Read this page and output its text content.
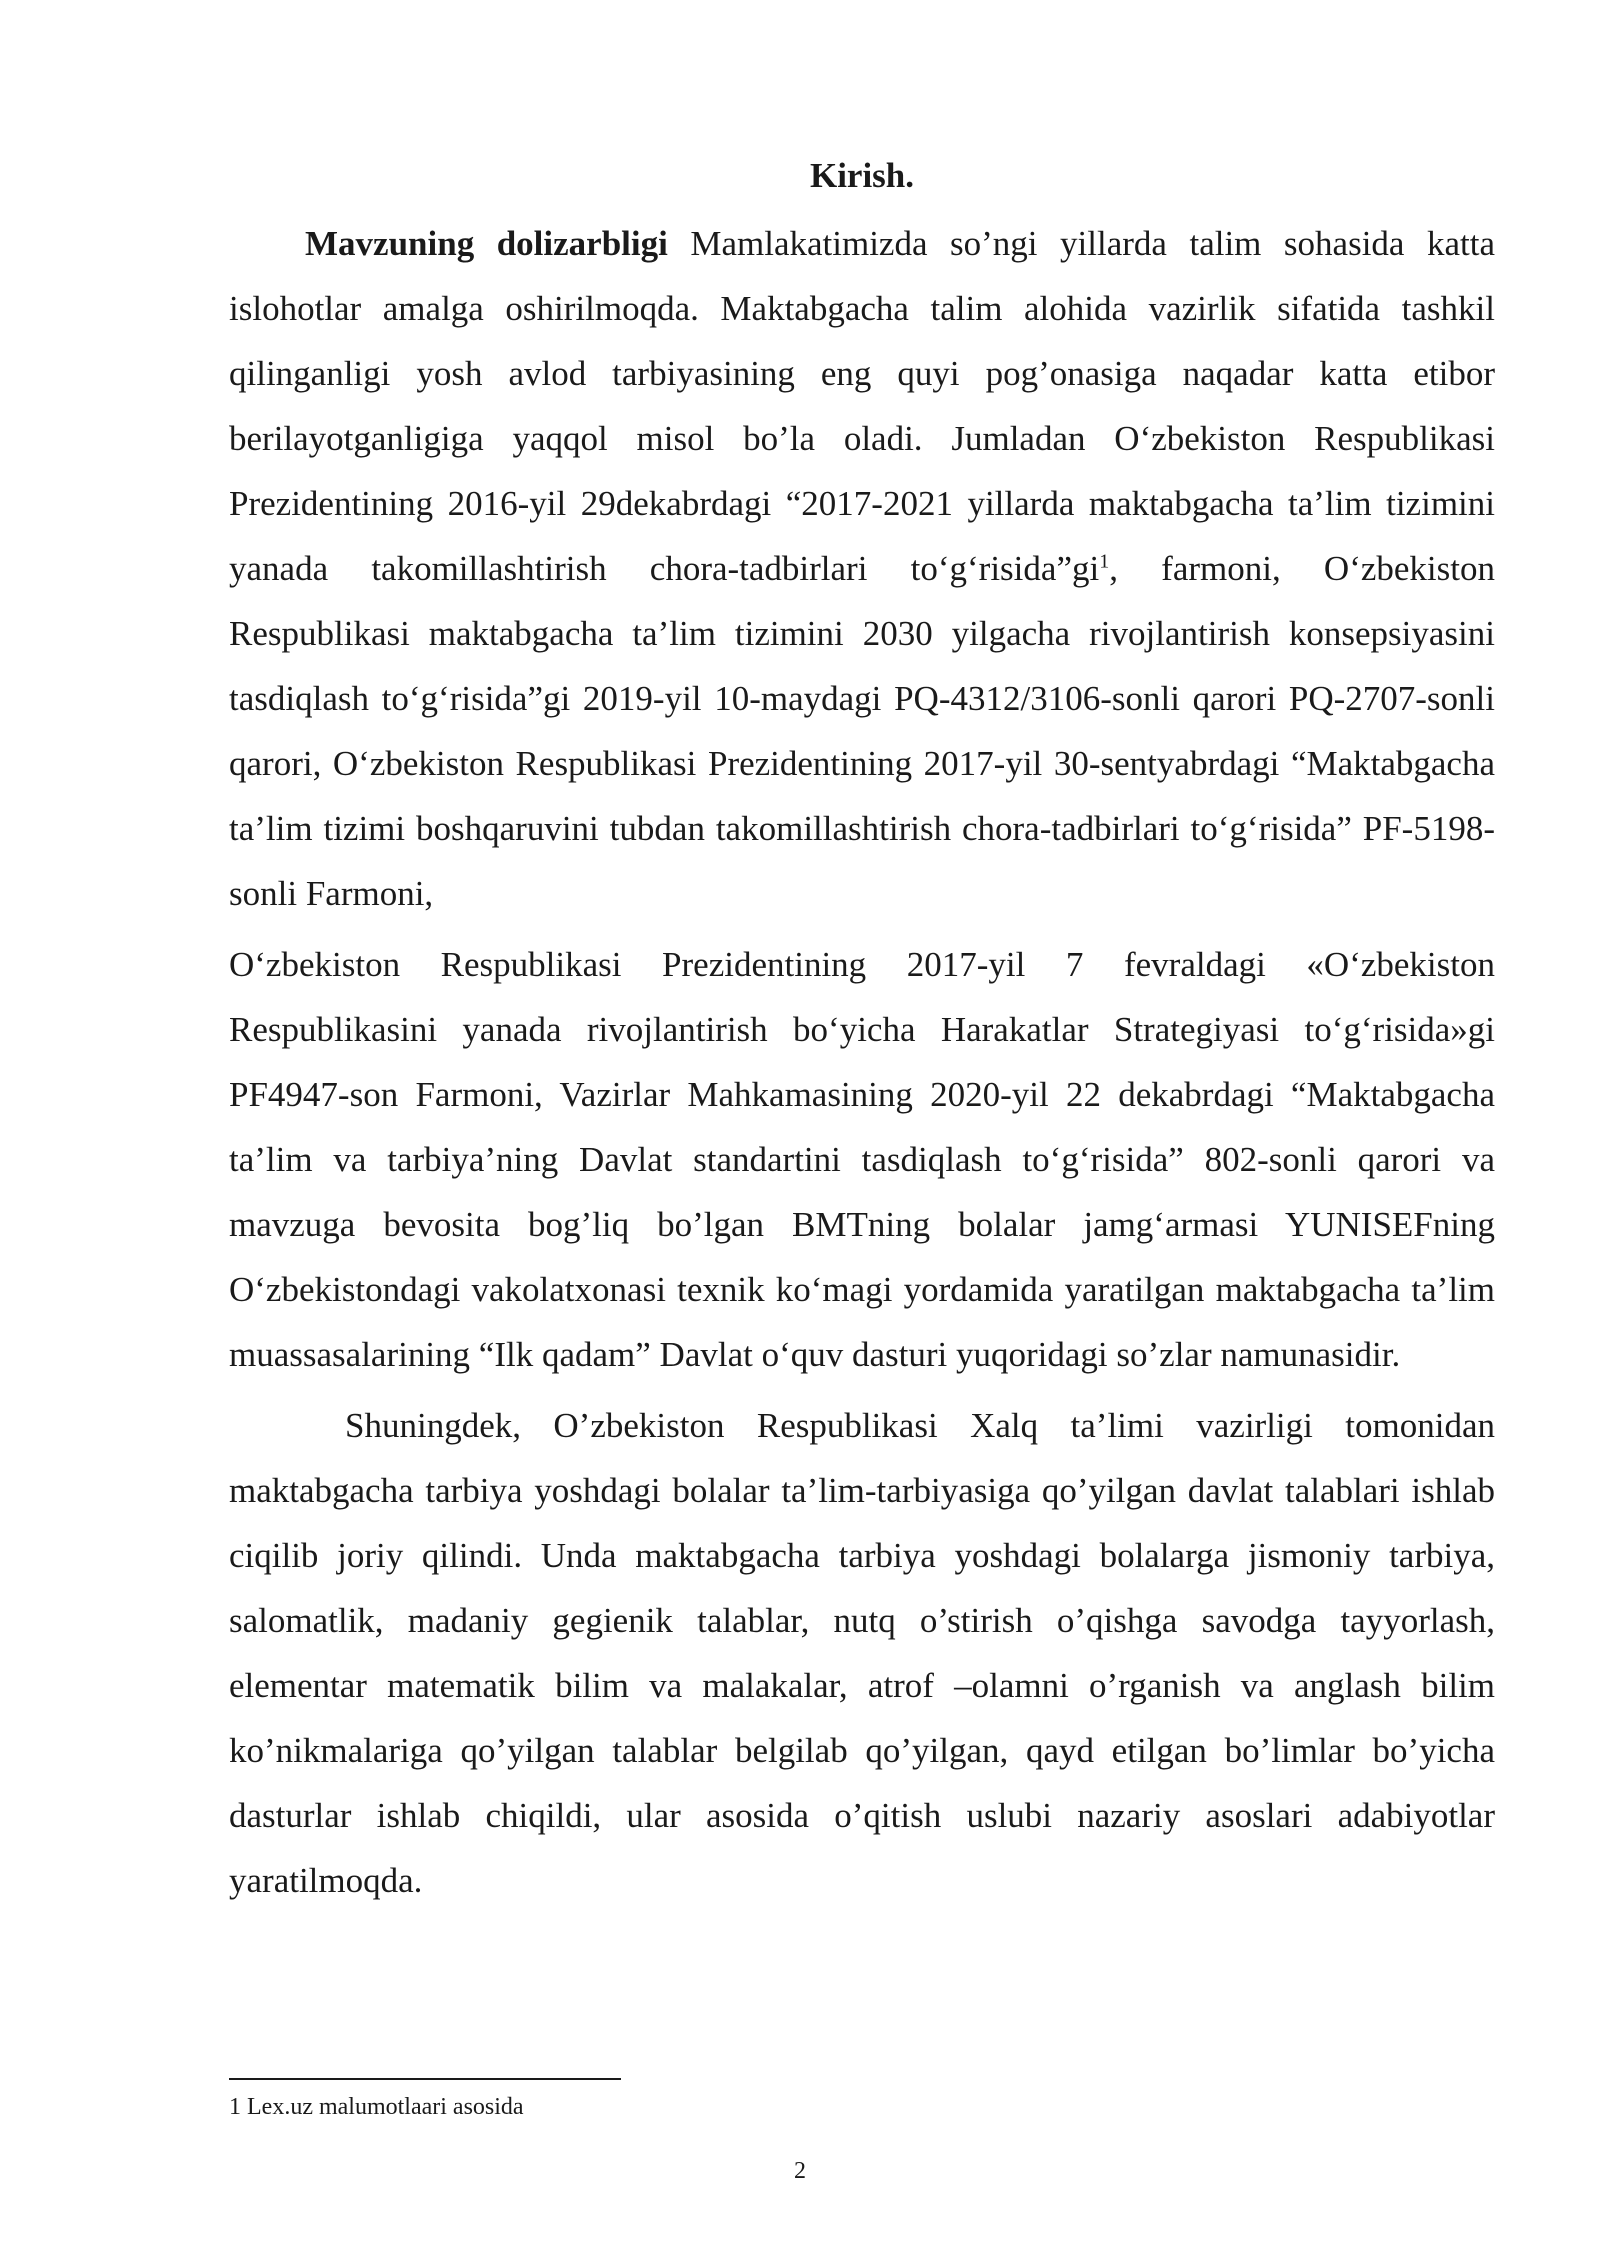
Kirish.

Mavzuning dolizarbligi Mamlakatimizda so’ngi yillarda talim sohasida katta islohotlar amalga oshirilmoqda. Maktabgacha talim alohida vazirlik sifatida tashkil qilinganligi yosh avlod tarbiyasining eng quyi pog’onasiga naqadar katta etibor berilayotganligiga yaqqol misol bo’la oladi. Jumladan O‘zbekiston Respublikasi Prezidentining 2016-yil 29dekabrdagi “2017-2021 yillarda maktabgacha ta’lim tizimini yanada takomillashtirish chora-tadbirlari $to‘g‘risida”gi^1$, farmoni, O‘zbekiston Respublikasi maktabgacha ta’lim tizimini 2030 yilgacha rivojlantirish konsepsiyasini tasdiqlash to‘g‘risida”gi 2019-yil 10-maydagi PQ-4312/3106-sonli qarori PQ-2707-sonli qarori, O‘zbekiston Respublikasi Prezidentining 2017-yil 30-sentyabrdagi “Maktabgacha ta’lim tizimi boshqaruvini tubdan takomillashtirish chora-tadbirlari to‘g‘risida” PF-5198-sonli Farmoni,

O‘zbekiston Respublikasi Prezidentining 2017-yil 7 fevraldagi «O‘zbekiston Respublikasini yanada rivojlantirish bo‘yicha Harakatlar Strategiyasi to‘g‘risida»gi PF4947-son Farmoni, Vazirlar Mahkamasining 2020-yil 22 dekabrdagi “Maktabgacha ta’lim va tarbiya’ning Davlat standartini tasdiqlash to‘g‘risida” 802-sonli qarori va mavzuga bevosita bog’liq bo’lgan BMTning bolalar jamg‘armasi YUNISEFning O‘zbekistondagi vakolatxonasi texnik ko‘magi yordamida yaratilgan maktabgacha ta’lim muassasalarining “Ilk qadam” Davlat o‘quv dasturi yuqoridagi so’zlar namunasidir.

Shuningdek, O’zbekiston Respublikasi Xalq ta’limi vazirligi tomonidan maktabgacha tarbiya yoshdagi bolalar ta’lim-tarbiyasiga qo’yilgan davlat talablari ishlab ciqilib joriy qilindi. Unda maktabgacha tarbiya yoshdagi bolalarga jismoniy tarbiya, salomatlik, madaniy gegienik talablar, nutq o’stirish o’qishga savodga tayyorlash, elementar matematik bilim va malakalar, atrof –olamni o’rganish va anglash bilim ko’nikmalariga qo’yilgan talablar belgilab qo’yilgan, qayd etilgan bo’limlar bo’yicha dasturlar ishlab chiqildi, ular asosida o’qitish uslubi nazariy asoslari adabiyotlar yaratilmoqda.

1 Lex.uz malumotlaari asosida
2
